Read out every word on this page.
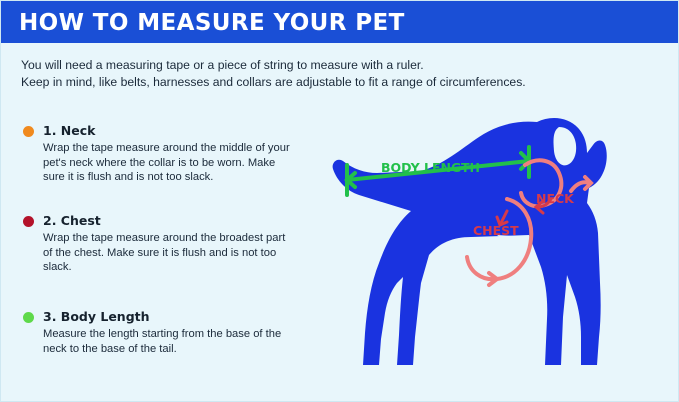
HOW TO MEASURE YOUR PET
You will need a measuring tape or a piece of string to measure with a ruler.
Keep in mind, like belts, harnesses and collars are adjustable to fit a range of circumferences.
1. Neck
Wrap the tape measure around the middle of your pet's neck where the collar is to be worn. Make sure it is flush and is not too slack.
2. Chest
Wrap the tape measure around the broadest part of the chest. Make sure it is flush and is not too slack.
3. Body Length
Measure the length starting from the base of the neck to the base of the tail.
BODY LENGTH
NECK
CHEST
